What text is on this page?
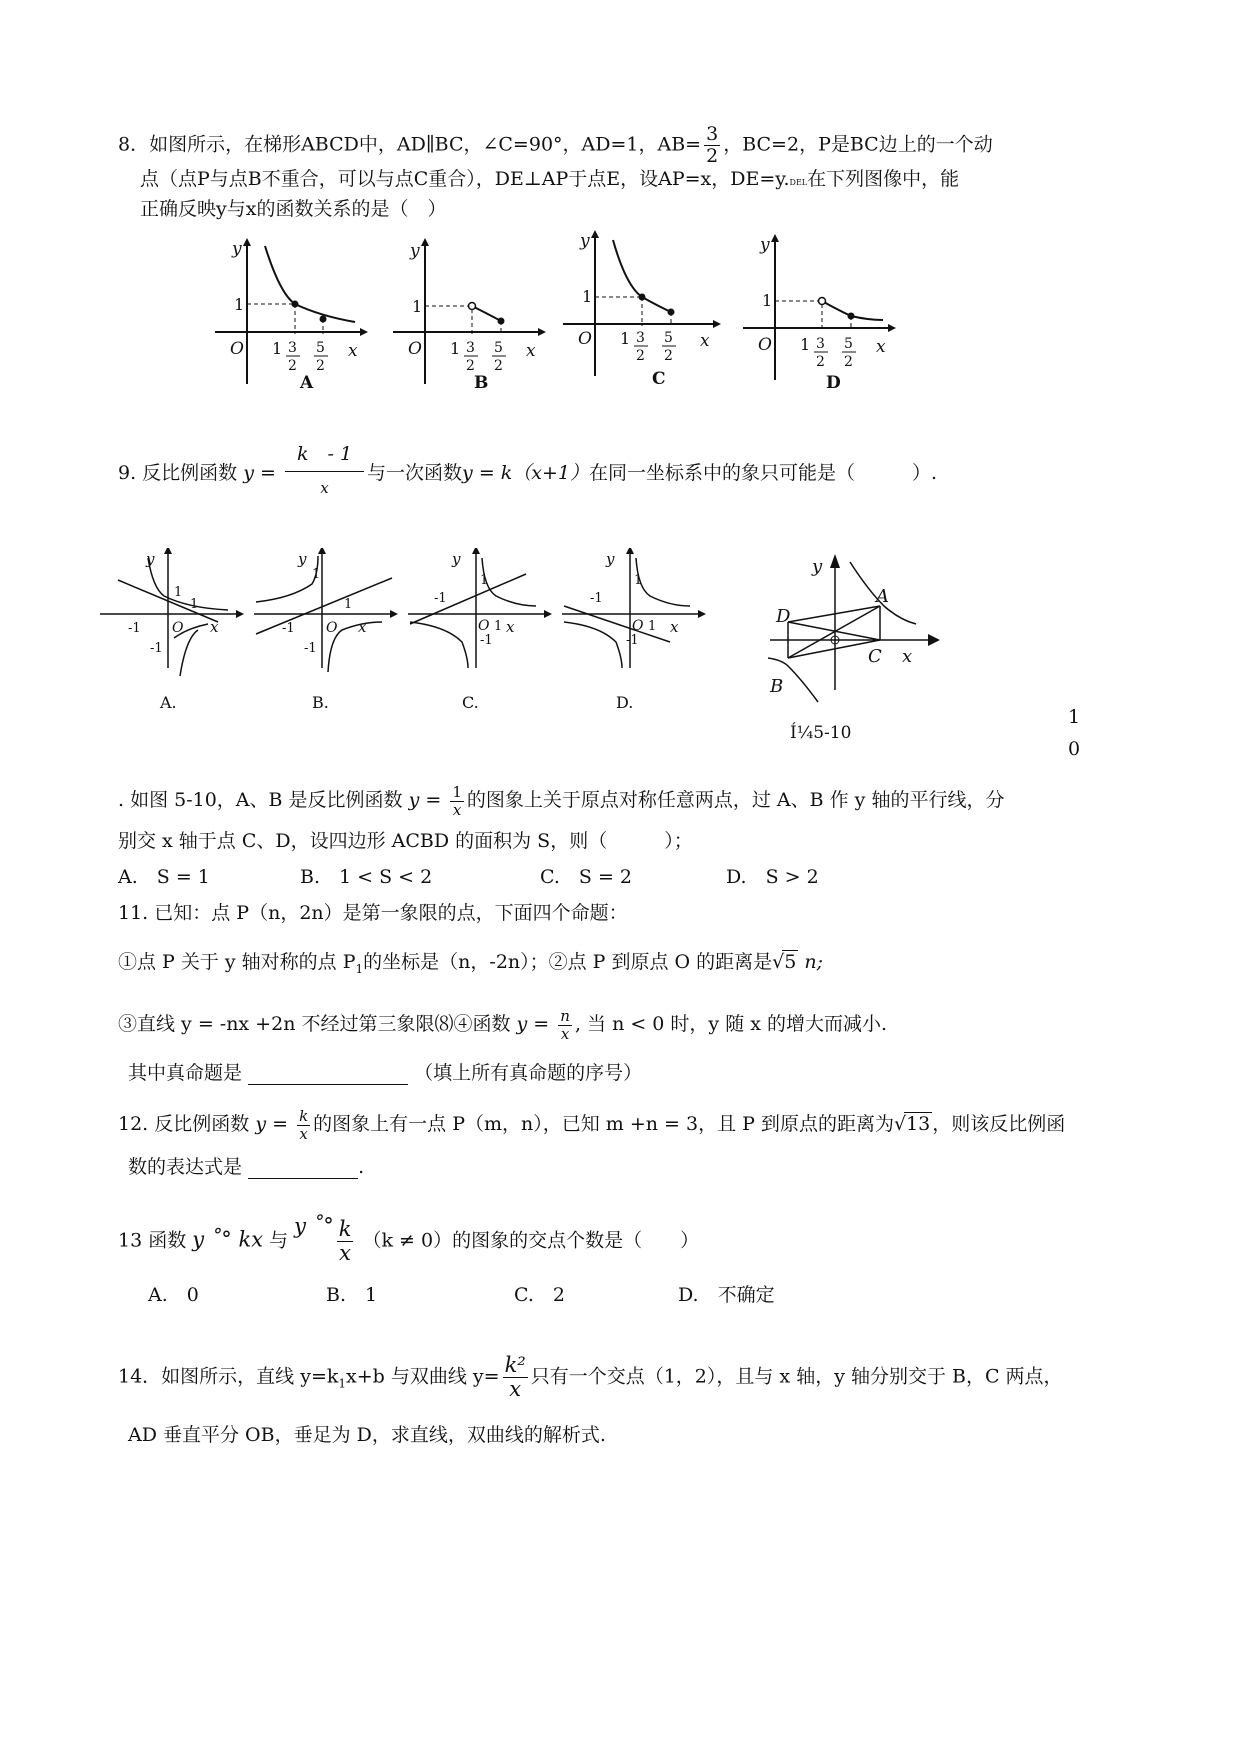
8．如图所示，在梯形ABCD中，AD∥BC，∠C=90°，AD=1，$AB= \frac{3}{2}$ ，BC=2，P是BC边上的一个动
点（点P与点B不重合，可以与点C重合），DE⊥AP于点E，设AP=x，DE=y.DEL在下列图像中，能
正确反映y与x的函数关系的是（　）
y
x
O
1
1 3
2
5
2
A
y
x
O
1
1 3
2
5
2
B
y
x
O
1
1 3
2
5
2
C
y
x
O
1
1 3
2
5
2
D
9. 反比例函数 y =
k　- 1
x
与一次函数y = k（x+1）在同一坐标系中的象只可能是（　　　）.
y
x
O
1
1
-1
-1
A.
y
x
O
1
1
-1
-1
B.
y
x
O
1
1
-1
-1
C.
y
x
O
1
1
-1
-1
D.
y
x
A
B
C
D
Í¼5-10
1
0
. 如图 5-10，A、B 是反比例函数 $y = \frac{1}{x}$ 的图象上关于原点对称任意两点，过 A、B 作 y 轴的平行线，分
别交 x 轴于点 C、D，设四边形 ACBD 的面积为 S，则（　　　）；
A.　S = 1	B.　1 < S < 2	C.　S = 2	D.　S > 2
11. 已知：点 P（n，2n）是第一象限的点，下面四个命题：
①点 P 关于 y 轴对称的点 $P_1$的坐标是（n，-2n）；②点 P 到原点 O 的距离是√5 n;
③直线 y = -nx +2n 不经过第三象限⑻④函数 $y = \frac{n}{x}$ , 当 n < 0 时，y 随 x 的增大而减小.
其中真命题是	（填上所有真命题的序号）
12. 反比例函数 $y = \frac{k}{x}$ 的图象上有一点 P（m，n），已知 m +n = 3，且 P 到原点的距离为√13 ，则该反比例函
数的表达式是	.
13 函数 y ˚° kx 与 y ˚° $\frac{k}{x} (k \ne 0)$的图象的交点个数是（　　）
A.　0	B.　1	C.　2	D.　不确定
14．如图所示，直线 $y=k_1x+b$ 与双曲线 $y= \frac{\text{k²}}{x}$ 只有一个交点（1，2），且与 x 轴，y 轴分别交于 B，C 两点，
AD 垂直平分 OB，垂足为 D，求直线，双曲线的解析式.
